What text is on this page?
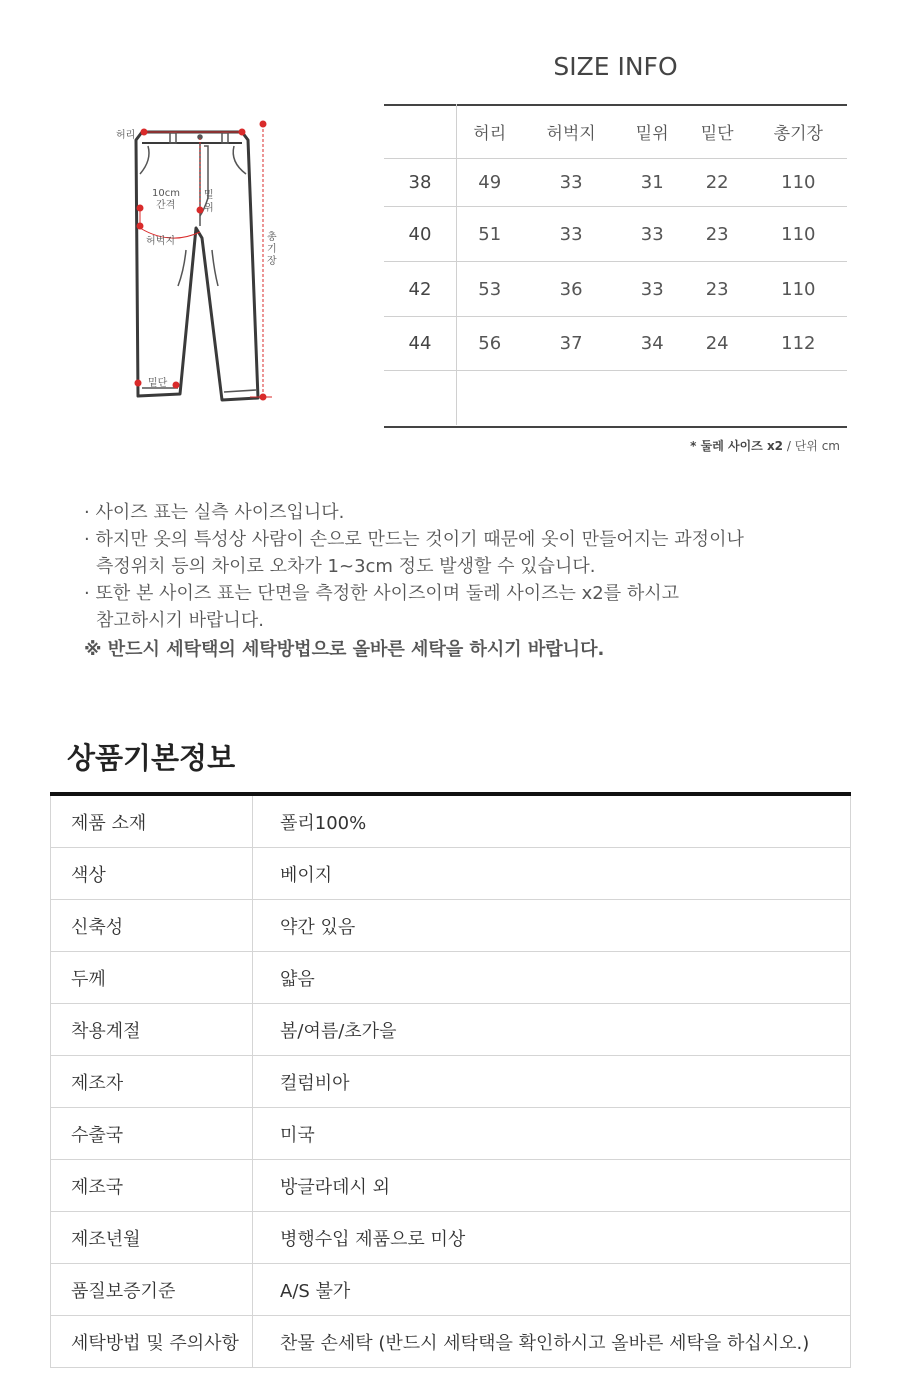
허리
10cm
간격
허벅지
밑
위
밑단
총
기
장
SIZE INFO
	허리	허벅지	밑위	밑단	총기장
38	49	33	31	22	110
40	51	33	33	23	110
42	53	36	33	23	110
44	56	37	34	24	112

* 둘레 사이즈 x2 / 단위 cm
· 사이즈 표는 실측 사이즈입니다.
· 하지만 옷의 특성상 사람이 손으로 만드는 것이기 때문에 옷이 만들어지는 과정이나
측정위치 등의 차이로 오차가 1~3cm 정도 발생할 수 있습니다.
· 또한 본 사이즈 표는 단면을 측정한 사이즈이며 둘레 사이즈는 x2를 하시고
참고하시기 바랍니다.
※ 반드시 세탁택의 세탁방법으로 올바른 세탁을 하시기 바랍니다.
상품기본정보
제품 소재	폴리100%
색상	베이지
신축성	약간 있음
두께	얇음
착용계절	봄/여름/초가을
제조자	컬럼비아
수출국	미국
제조국	방글라데시 외
제조년월	병행수입 제품으로 미상
품질보증기준	A/S 불가
세탁방법 및 주의사항	찬물 손세탁 (반드시 세탁택을 확인하시고 올바른 세탁을 하십시오.)
